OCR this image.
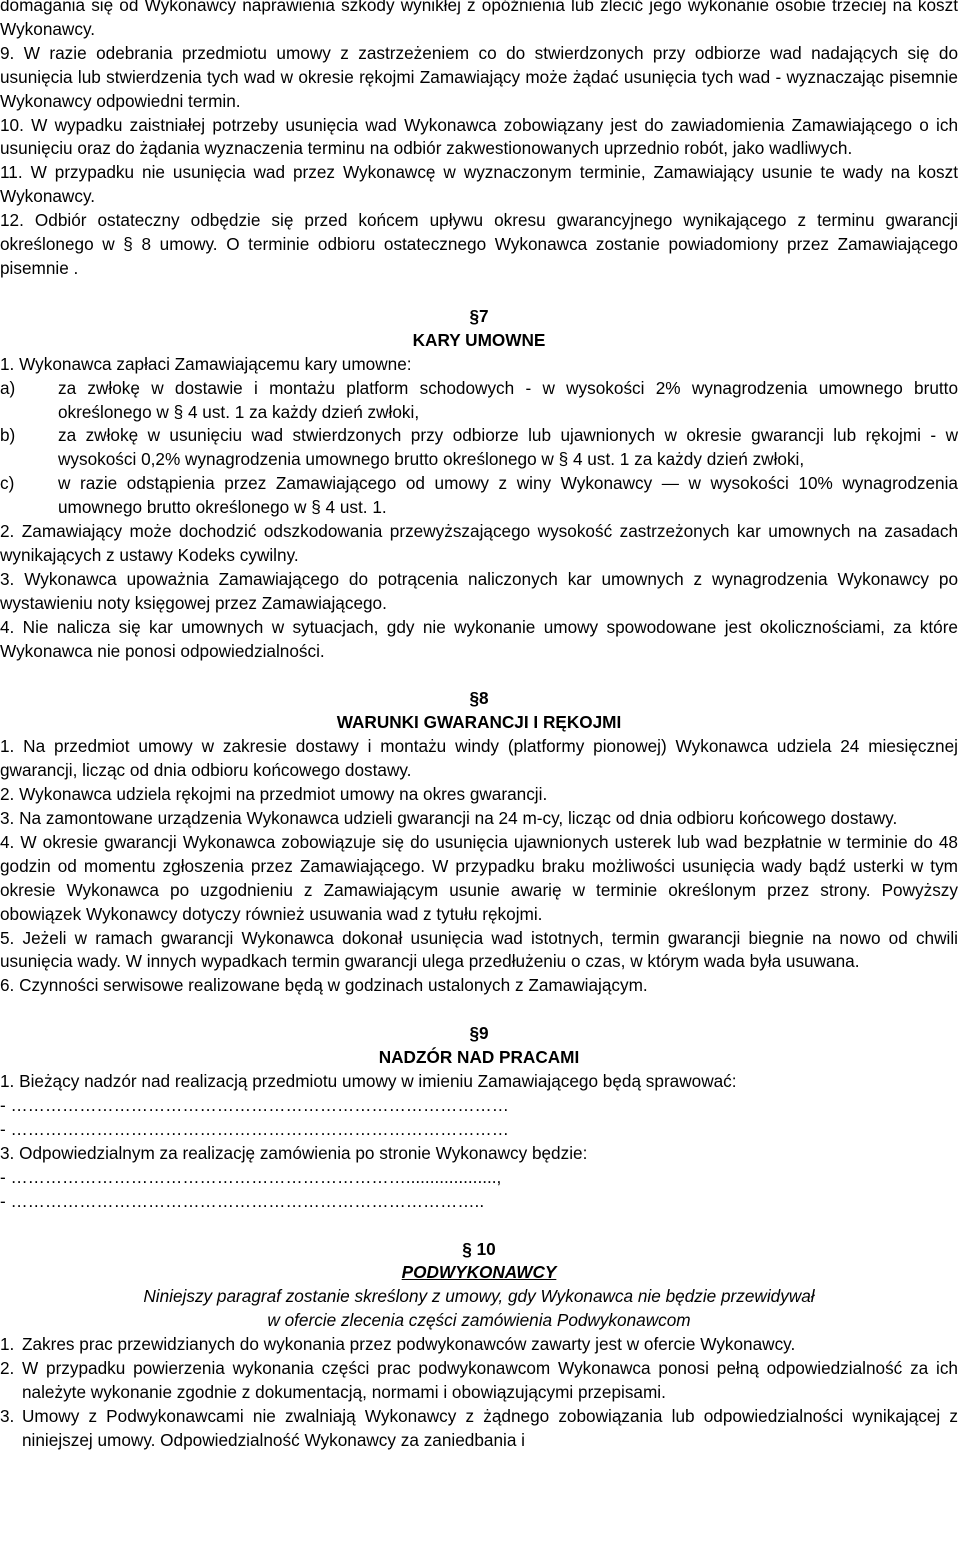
domagania się od Wykonawcy naprawienia szkody wynikłej z opóźnienia lub zlecić jego wykonanie osobie trzeciej na koszt Wykonawcy.

9. W razie odebrania przedmiotu umowy z zastrzeżeniem co do stwierdzonych przy odbiorze wad nadających się do usunięcia lub stwierdzenia tych wad w okresie rękojmi Zamawiający może żądać usunięcia tych wad - wyznaczając pisemnie Wykonawcy odpowiedni termin.

10. W wypadku zaistniałej potrzeby usunięcia wad Wykonawca zobowiązany jest do zawiadomienia Zamawiającego o ich usunięciu oraz do żądania wyznaczenia terminu na odbiór zakwestionowanych uprzednio robót, jako wadliwych.

11. W przypadku nie usunięcia wad przez Wykonawcę w wyznaczonym terminie, Zamawiający usunie te wady na koszt Wykonawcy.

12. Odbiór ostateczny odbędzie się przed końcem upływu okresu gwarancyjnego wynikającego z terminu gwarancji określonego w § 8 umowy. O terminie odbioru ostatecznego Wykonawca zostanie powiadomiony przez Zamawiającego pisemnie .

§7

KARY UMOWNE

1. Wykonawca zapłaci Zamawiającemu kary umowne:

a)	za zwłokę w dostawie i montażu platform schodowych - w wysokości 2% wynagrodzenia umownego brutto określonego w § 4 ust. 1 za każdy dzień zwłoki,
b)	za zwłokę w usunięciu wad stwierdzonych przy odbiorze lub ujawnionych w okresie gwarancji lub rękojmi - w wysokości 0,2% wynagrodzenia umownego brutto określonego w § 4 ust. 1 za każdy dzień zwłoki,
c)	w razie odstąpienia przez Zamawiającego od umowy z winy Wykonawcy — w wysokości 10% wynagrodzenia umownego brutto określonego w § 4 ust. 1.

2. Zamawiający może dochodzić odszkodowania przewyższającego wysokość zastrzeżonych kar umownych na zasadach wynikających z ustawy Kodeks cywilny.

3. Wykonawca upoważnia Zamawiającego do potrącenia naliczonych kar umownych z wynagrodzenia Wykonawcy po wystawieniu noty księgowej przez Zamawiającego.

4. Nie nalicza się kar umownych w sytuacjach, gdy nie wykonanie umowy spowodowane jest okolicznościami, za które Wykonawca nie ponosi odpowiedzialności.

§8

WARUNKI GWARANCJI I RĘKOJMI

1. Na przedmiot umowy w zakresie dostawy i montażu windy (platformy pionowej) Wykonawca udziela 24 miesięcznej gwarancji, licząc od dnia odbioru końcowego dostawy.

2. Wykonawca udziela rękojmi na przedmiot umowy na okres gwarancji.

3. Na zamontowane urządzenia Wykonawca udzieli gwarancji na 24 m-cy, licząc od dnia odbioru końcowego dostawy.

4. W okresie gwarancji Wykonawca zobowiązuje się do usunięcia ujawnionych usterek lub wad bezpłatnie w terminie do 48 godzin od momentu zgłoszenia przez Zamawiającego. W przypadku braku możliwości usunięcia wady bądź usterki w tym okresie Wykonawca po uzgodnieniu z Zamawiającym usunie awarię w terminie określonym przez strony. Powyższy obowiązek Wykonawcy dotyczy również usuwania wad z tytułu rękojmi.

5. Jeżeli w ramach gwarancji Wykonawca dokonał usunięcia wad istotnych, termin gwarancji biegnie na nowo od chwili usunięcia wady. W innych wypadkach termin gwarancji ulega przedłużeniu o czas, w którym wada była usuwana.

6. Czynności serwisowe realizowane będą w godzinach ustalonych z Zamawiającym.

§9

NADZÓR NAD PRACAMI

1. Bieżący nadzór nad realizacją przedmiotu umowy w imieniu Zamawiającego będą sprawować:

- ……………………………………………………………………………

- ……………………………………………………………………………

3. Odpowiedzialnym za realizację zamówienia po stronie Wykonawcy będzie:

- ……………………………………………………………...................,

- ………………………………………………………………………..

§ 10

PODWYKONAWCY

Niniejszy paragraf zostanie skreślony z umowy, gdy Wykonawca nie będzie przewidywał

w ofercie zlecenia części zamówienia Podwykonawcom

1. Zakres prac przewidzianych do wykonania przez podwykonawców zawarty jest w ofercie Wykonawcy.
2. W przypadku powierzenia wykonania części prac podwykonawcom Wykonawca ponosi pełną odpowiedzialność za ich należyte wykonanie zgodnie z dokumentacją, normami i obowiązującymi przepisami.
3. Umowy z Podwykonawcami nie zwalniają Wykonawcy z żądnego zobowiązania lub odpowiedzialności wynikającej z niniejszej umowy. Odpowiedzialność Wykonawcy za zaniedbania i
